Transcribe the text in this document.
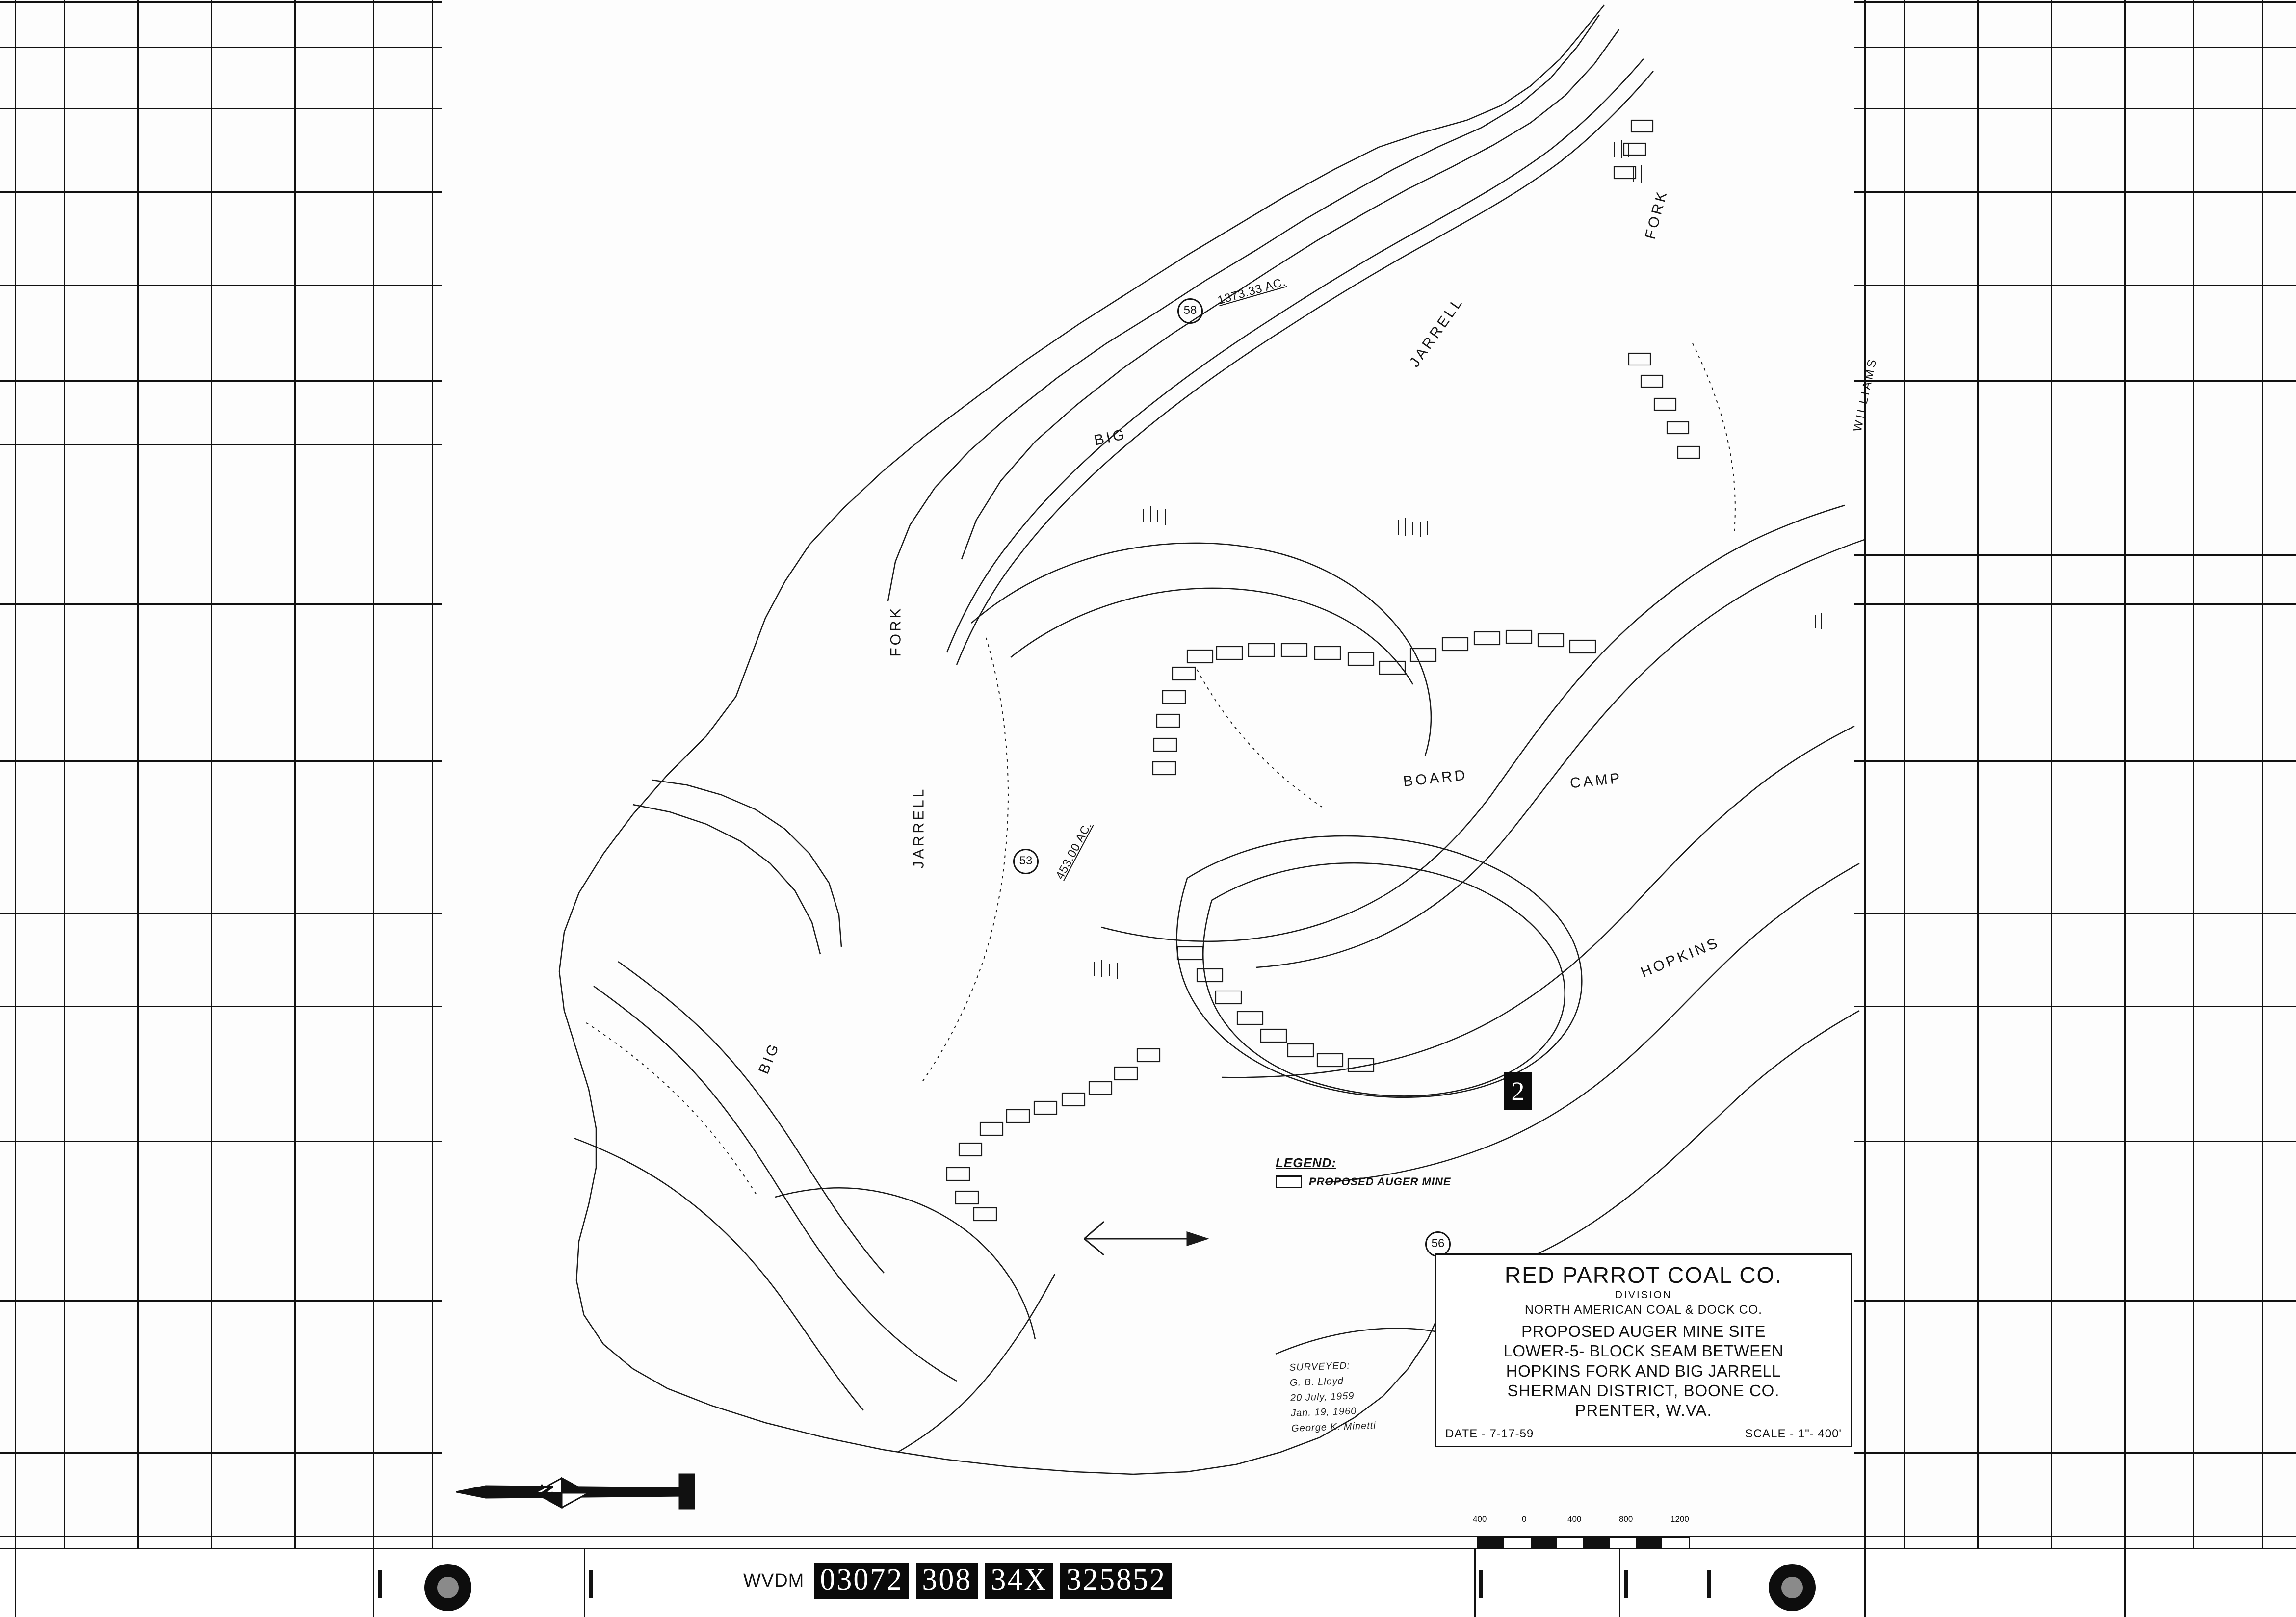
BIG
JARRELL
FORK
FORK
JARRELL
BIG
BOARD	CAMP
HOPKINS
WILLIAMS
58
1373.33 AC.
53	453.00 AC.
56
2
LEGEND:
PROPOSED AUGER MINE
SURVEYED:
G. B. Lloyd
20 July, 1959
Jan. 19, 1960
George K. Minetti
RED PARROT COAL CO.
DIVISION
NORTH AMERICAN COAL & DOCK CO.
PROPOSED AUGER MINE SITE
LOWER-5- BLOCK SEAM BETWEEN
HOPKINS FORK AND BIG JARRELL
SHERMAN DISTRICT, BOONE CO.
PRENTER, W.VA.
DATE - 7-17-59	SCALE - 1"- 400'
400	0	400	800	1200
N
WVDM 03072 308 34X 325852
